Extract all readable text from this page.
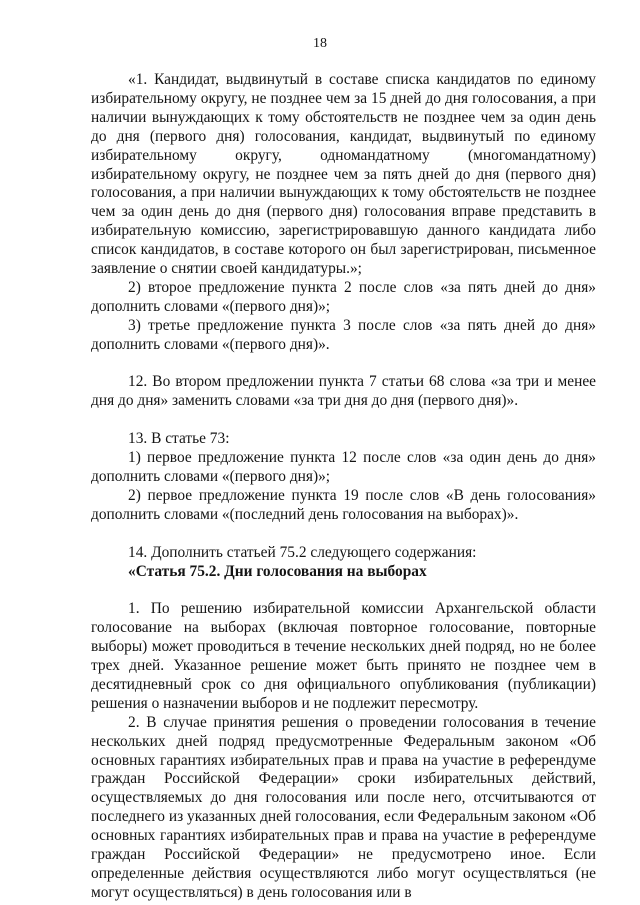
18

«1. Кандидат, выдвинутый в составе списка кандидатов по единому избирательному округу, не позднее чем за 15 дней до дня голосования, а при наличии вынуждающих к тому обстоятельств не позднее чем за один день до дня (первого дня) голосования, кандидат, выдвинутый по единому избирательному округу, одномандатному (многомандатному) избирательному округу, не позднее чем за пять дней до дня (первого дня) голосования, а при наличии вынуждающих к тому обстоятельств не позднее чем за один день до дня (первого дня) голосования вправе представить в избирательную комиссию, зарегистрировавшую данного кандидата либо список кандидатов, в составе которого он был зарегистрирован, письменное заявление о снятии своей кандидатуры.»;

2) второе предложение пункта 2 после слов «за пять дней до дня» дополнить словами «(первого дня)»;

3) третье предложение пункта 3 после слов «за пять дней до дня» дополнить словами «(первого дня)».

12. Во втором предложении пункта 7 статьи 68 слова «за три и менее дня до дня» заменить словами «за три дня до дня (первого дня)».

13. В статье 73:

1) первое предложение пункта 12 после слов «за один день до дня» дополнить словами «(первого дня)»;

2) первое предложение пункта 19 после слов «В день голосования» дополнить словами «(последний день голосования на выборах)».

14. Дополнить статьей 75.2 следующего содержания:

«Статья 75.2. Дни голосования на выборах

1. По решению избирательной комиссии Архангельской области голосование на выборах (включая повторное голосование, повторные выборы) может проводиться в течение нескольких дней подряд, но не более трех дней. Указанное решение может быть принято не позднее чем в десятидневный срок со дня официального опубликования (публикации) решения о назначении выборов и не подлежит пересмотру.

2. В случае принятия решения о проведении голосования в течение нескольких дней подряд предусмотренные Федеральным законом «Об основных гарантиях избирательных прав и права на участие в референдуме граждан Российской Федерации» сроки избирательных действий, осуществляемых до дня голосования или после него, отсчитываются от последнего из указанных дней голосования, если Федеральным законом «Об основных гарантиях избирательных прав и права на участие в референдуме граждан Российской Федерации» не предусмотрено иное. Если определенные действия осуществляются либо могут осуществляться (не могут осуществляться) в день голосования или в
